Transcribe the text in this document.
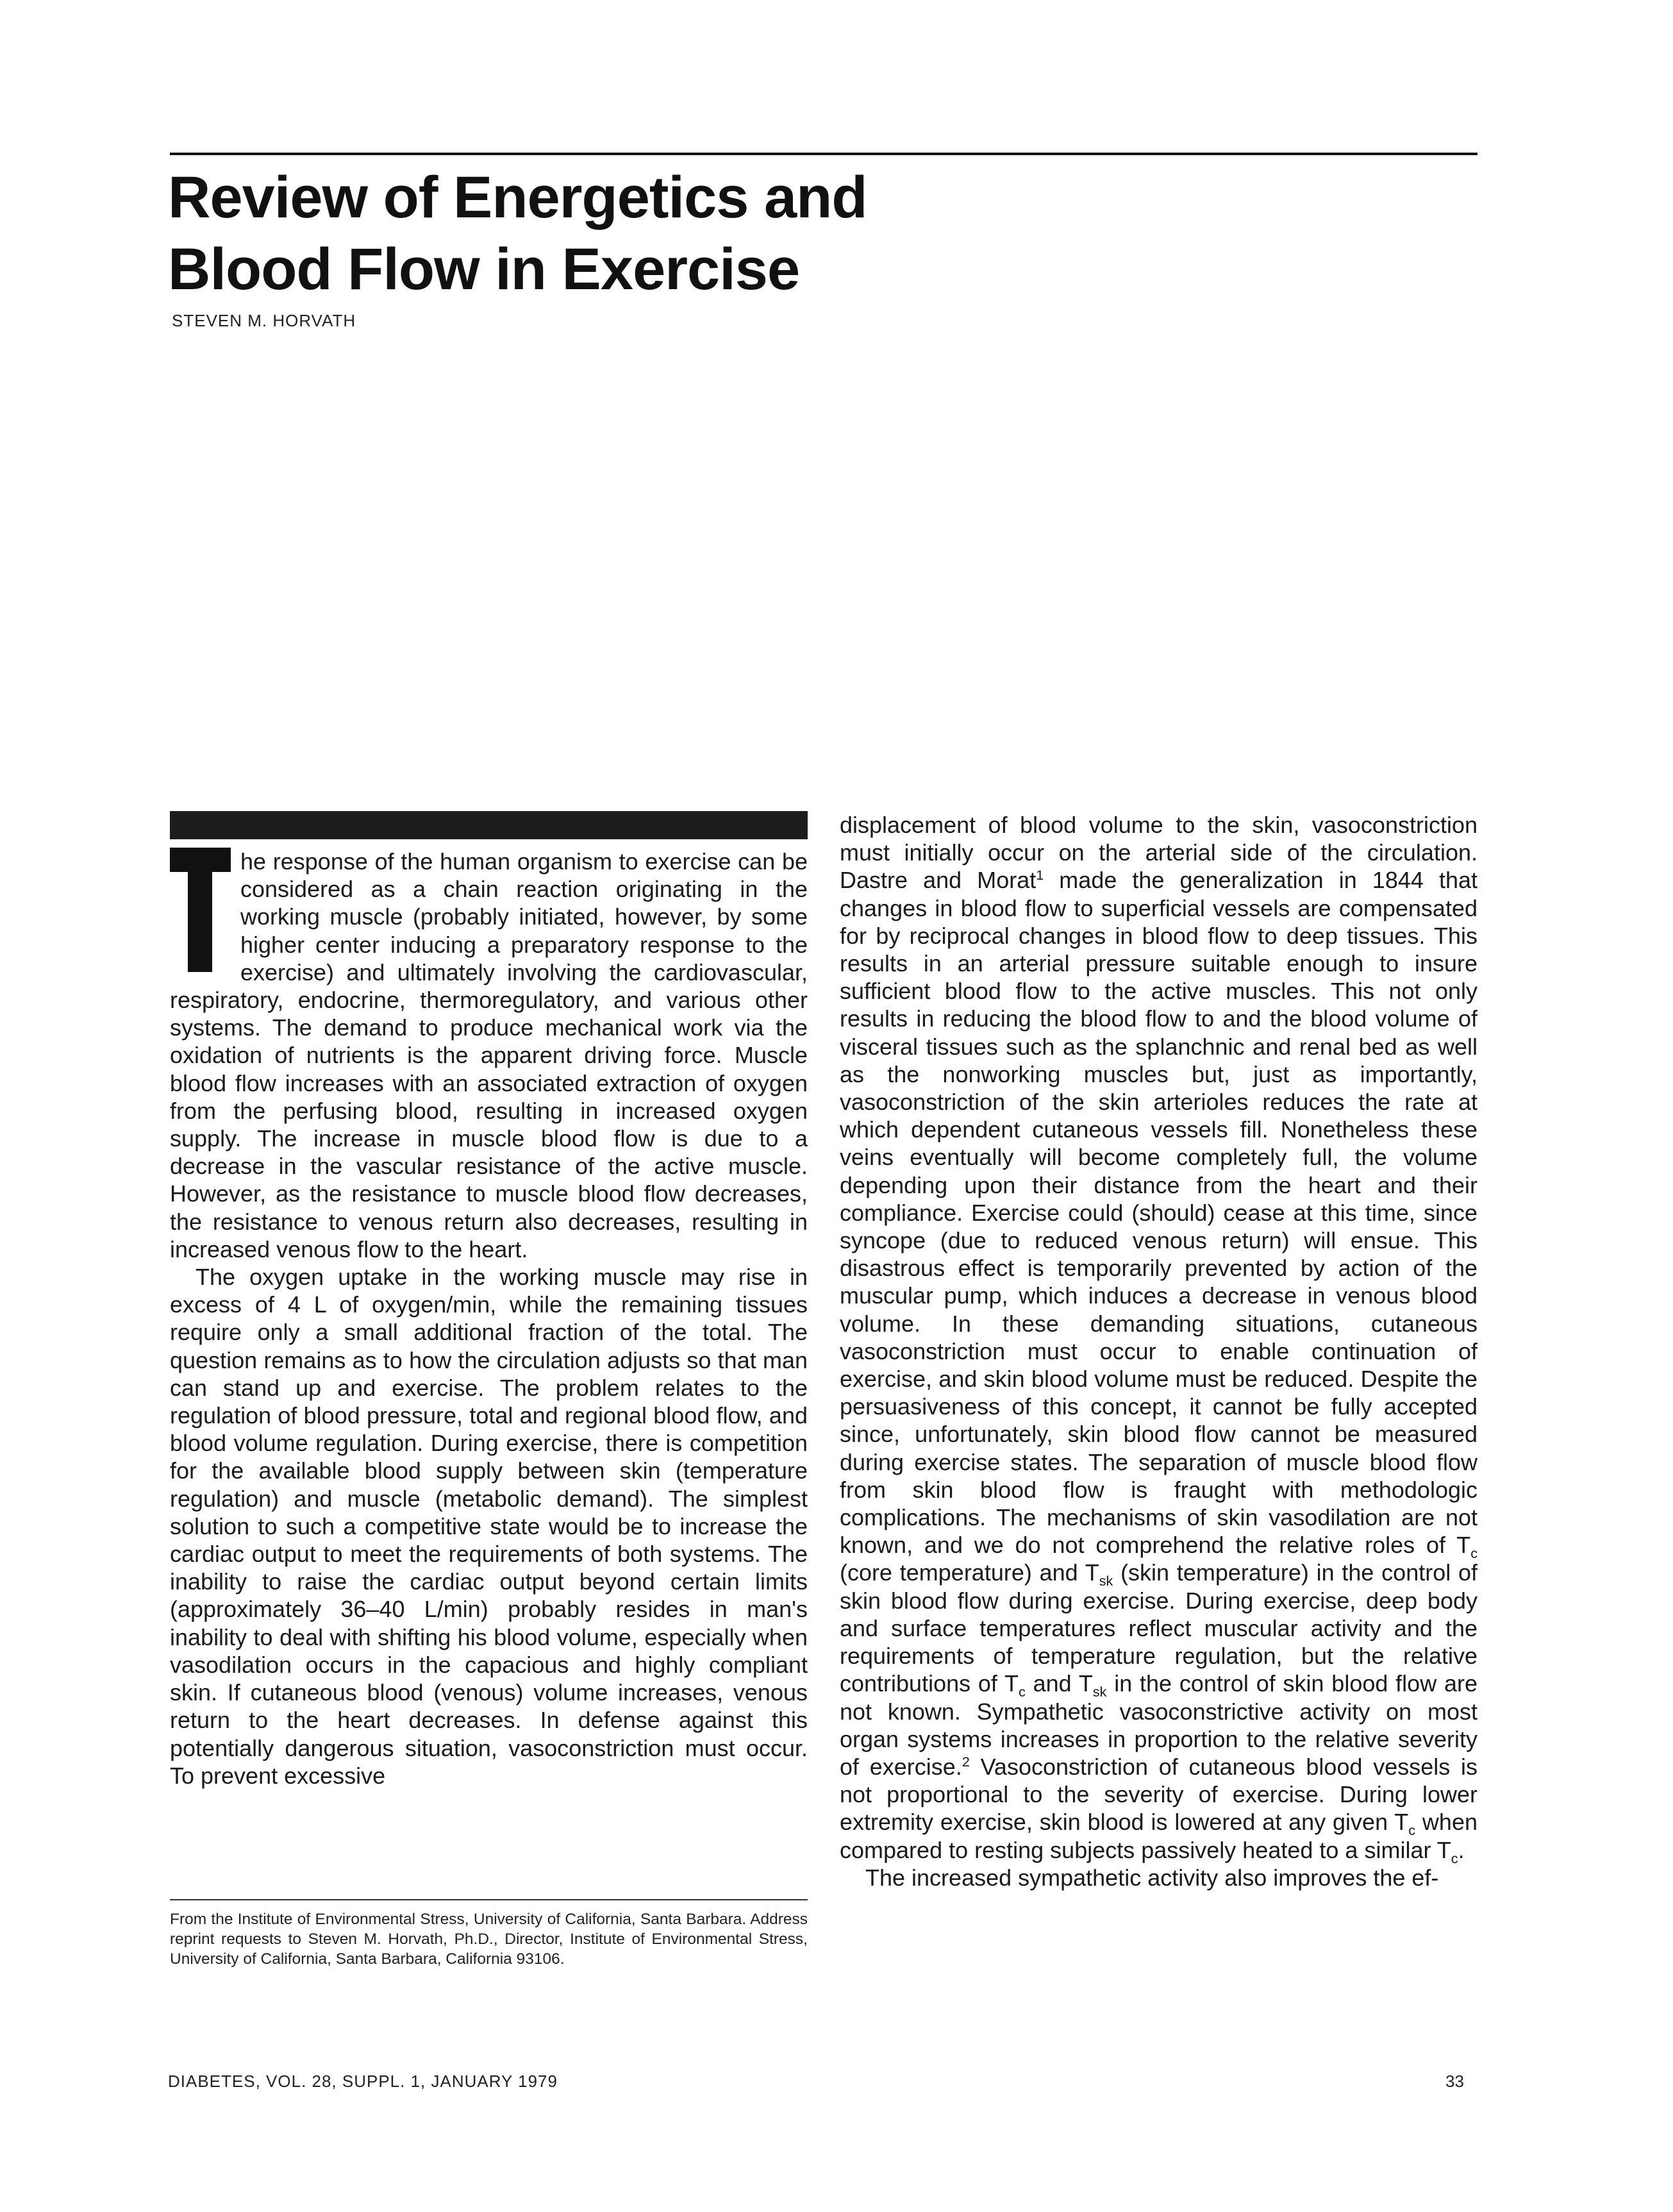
Review of Energetics and
Blood Flow in Exercise
STEVEN M. HORVATH

he response of the human organism to exercise can be considered as a chain reaction originating in the working muscle (probably initiated, however, by some higher center inducing a preparatory response to the exercise) and ultimately involving the cardiovascular, respiratory, endocrine, thermoregulatory, and various other systems. The demand to produce mechanical work via the oxidation of nutrients is the apparent driving force. Muscle blood flow increases with an associated extraction of oxygen from the perfusing blood, resulting in increased oxygen supply. The increase in muscle blood flow is due to a decrease in the vascular resistance of the active muscle. However, as the resistance to muscle blood flow decreases, the resistance to venous return also decreases, resulting in increased venous flow to the heart.

The oxygen uptake in the working muscle may rise in excess of 4 L of oxygen/min, while the remaining tissues require only a small additional fraction of the total. The question remains as to how the circulation adjusts so that man can stand up and exercise. The problem relates to the regulation of blood pressure, total and regional blood flow, and blood volume regulation. During exercise, there is competition for the available blood supply between skin (temperature regulation) and muscle (metabolic demand). The simplest solution to such a competitive state would be to increase the cardiac output to meet the requirements of both systems. The inability to raise the cardiac output beyond certain limits (approximately 36–40 L/min) probably resides in man's inability to deal with shifting his blood volume, especially when vasodilation occurs in the capacious and highly compliant skin. If cutaneous blood (venous) volume increases, venous return to the heart decreases. In defense against this potentially dangerous situation, vasoconstriction must occur. To prevent excessive

displacement of blood volume to the skin, vasoconstriction must initially occur on the arterial side of the circulation. Dastre and Morat$^1$ made the generalization in 1844 that changes in blood flow to superficial vessels are compensated for by reciprocal changes in blood flow to deep tissues. This results in an arterial pressure suitable enough to insure sufficient blood flow to the active muscles. This not only results in reducing the blood flow to and the blood volume of visceral tissues such as the splanchnic and renal bed as well as the nonworking muscles but, just as importantly, vasoconstriction of the skin arterioles reduces the rate at which dependent cutaneous vessels fill. Nonetheless these veins eventually will become completely full, the volume depending upon their distance from the heart and their compliance. Exercise could (should) cease at this time, since syncope (due to reduced venous return) will ensue. This disastrous effect is temporarily prevented by action of the muscular pump, which induces a decrease in venous blood volume. In these demanding situations, cutaneous vasoconstriction must occur to enable continuation of exercise, and skin blood volume must be reduced. Despite the persuasiveness of this concept, it cannot be fully accepted since, unfortunately, skin blood flow cannot be measured during exercise states. The separation of muscle blood flow from skin blood flow is fraught with methodologic complications. The mechanisms of skin vasodilation are not known, and we do not comprehend the relative roles of $T_c$ (core temperature) and $T_{sk}$ (skin temperature) in the control of skin blood flow during exercise. During exercise, deep body and surface temperatures reflect muscular activity and the requirements of temperature regulation, but the relative contributions of $T_c$ and $T_{sk}$ in the control of skin blood flow are not known. Sympathetic vasoconstrictive activity on most organ systems increases in proportion to the relative severity of exercise.$^2$ Vasoconstriction of cutaneous blood vessels is not proportional to the severity of exercise. During lower extremity exercise, skin blood is lowered at any given $T_c$ when compared to resting subjects passively heated to a similar $T_c$.

The increased sympathetic activity also improves the ef-

From the Institute of Environmental Stress, University of California, Santa Barbara. Address reprint requests to Steven M. Horvath, Ph.D., Director, Institute of Environmental Stress, University of California, Santa Barbara, California 93106.
DIABETES, VOL. 28, SUPPL. 1, JANUARY 1979	33
